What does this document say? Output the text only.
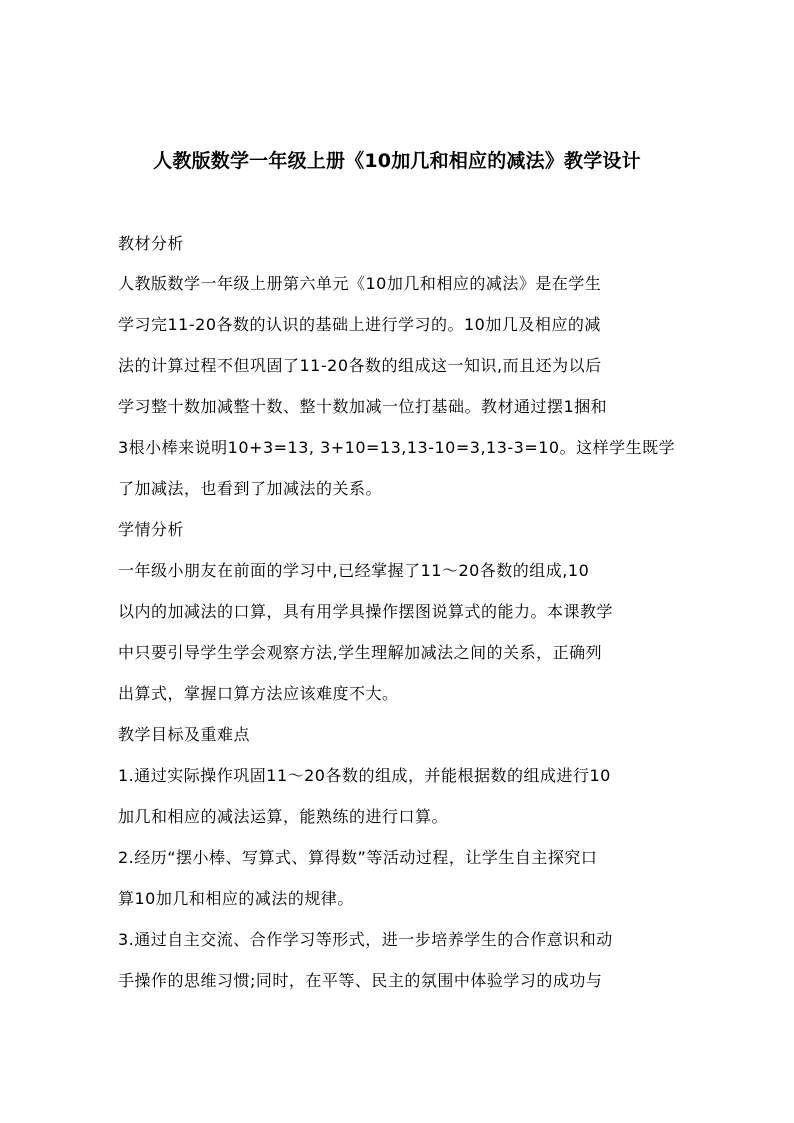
人教版数学一年级上册《10加几和相应的减法》教学设计
教材分析
人教版数学一年级上册第六单元《10加几和相应的减法》是在学生
学习完11-20各数的认识的基础上进行学习的。10加几及相应的减
法的计算过程不但巩固了11-20各数的组成这一知识,而且还为以后
学习整十数加减整十数、整十数加减一位打基础。教材通过摆1捆和
3根小棒来说明10+3=13, 3+10=13,13-10=3,13-3=10。这样学生既学
了加减法，也看到了加减法的关系。
学情分析
一年级小朋友在前面的学习中,已经掌握了11～20各数的组成,10
以内的加减法的口算，具有用学具操作摆图说算式的能力。本课教学
中只要引导学生学会观察方法,学生理解加减法之间的关系，正确列
出算式，掌握口算方法应该难度不大。
教学目标及重难点
1.通过实际操作巩固11～20各数的组成，并能根据数的组成进行10
加几和相应的减法运算，能熟练的进行口算。
2.经历“摆小棒、写算式、算得数”等活动过程，让学生自主探究口
算10加几和相应的减法的规律。
3.通过自主交流、合作学习等形式，进一步培养学生的合作意识和动
手操作的思维习惯;同时，在平等、民主的氛围中体验学习的成功与
